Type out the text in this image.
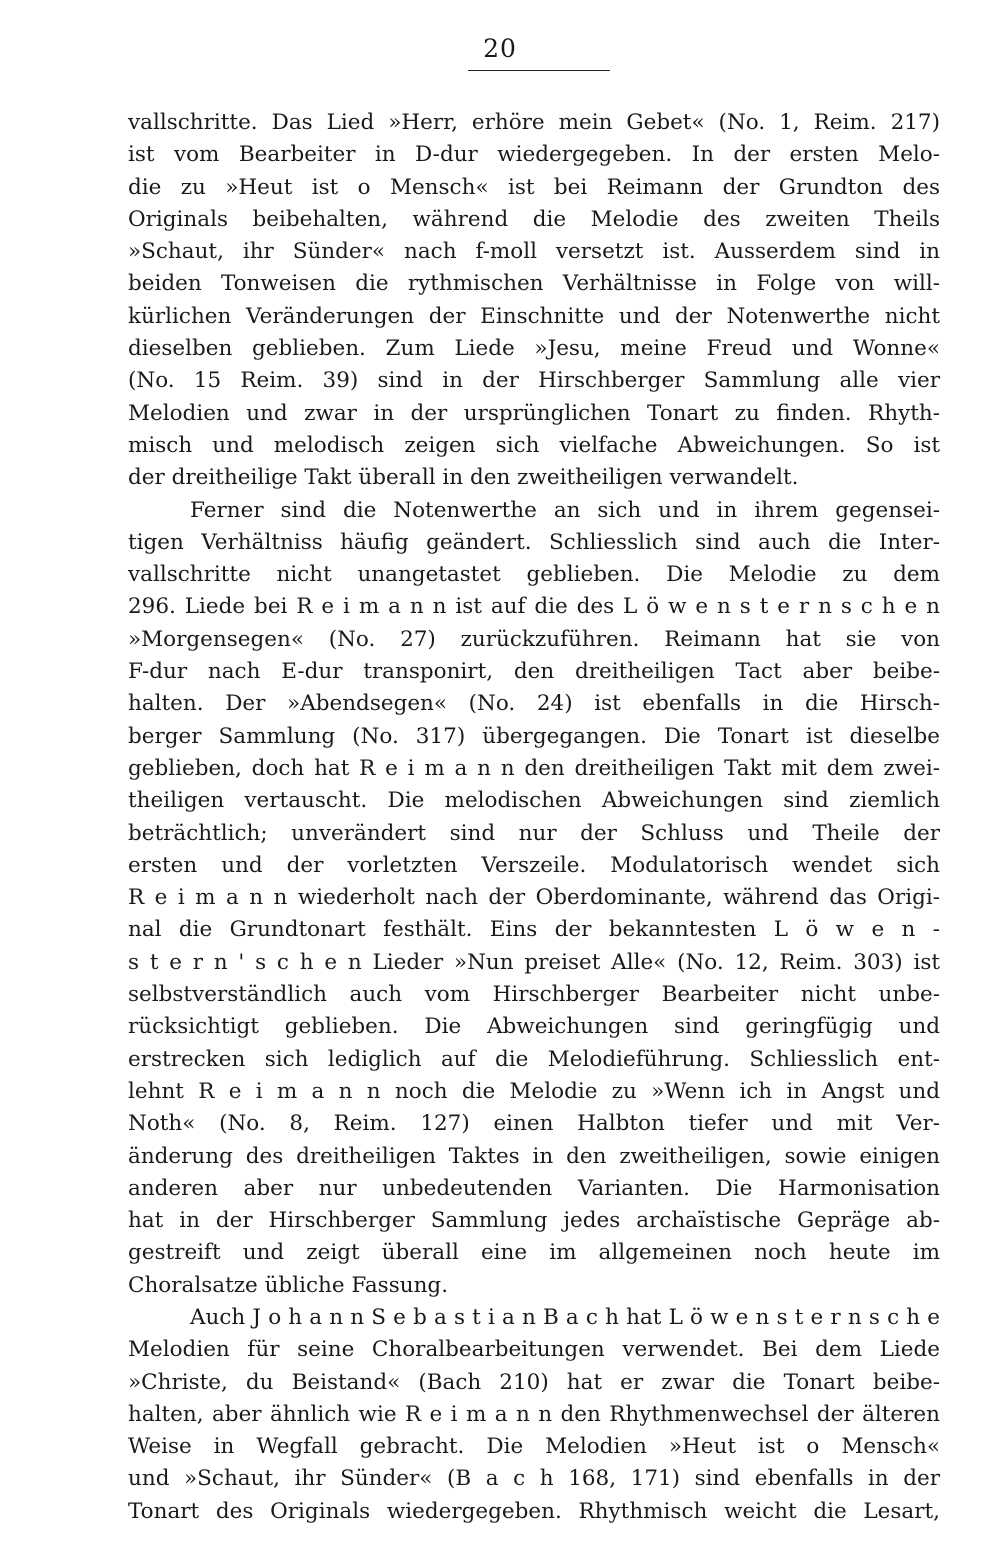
20
vallschritte. Das Lied »Herr, erhöre mein Gebet« (No. 1, Reim. 217)
ist vom Bearbeiter in D-dur wiedergegeben. In der ersten Melo-
die zu »Heut ist o Mensch« ist bei Reimann der Grundton des
Originals beibehalten, während die Melodie des zweiten Theils
»Schaut, ihr Sünder« nach f-moll versetzt ist. Ausserdem sind in
beiden Tonweisen die rythmischen Verhältnisse in Folge von will-
kürlichen Veränderungen der Einschnitte und der Notenwerthe nicht
dieselben geblieben. Zum Liede »Jesu, meine Freud und Wonne«
(No. 15 Reim. 39) sind in der Hirschberger Sammlung alle vier
Melodien und zwar in der ursprünglichen Tonart zu finden. Rhyth-
misch und melodisch zeigen sich vielfache Abweichungen. So ist
der dreitheilige Takt überall in den zweitheiligen verwandelt.
Ferner sind die Notenwerthe an sich und in ihrem gegensei-
tigen Verhältniss häufig geändert. Schliesslich sind auch die Inter-
vallschritte nicht unangetastet geblieben. Die Melodie zu dem
296. Liede bei R e i m a n n ist auf die des L ö w e n s t e r n s c h e n
»Morgensegen« (No. 27) zurückzuführen. Reimann hat sie von
F-dur nach E-dur transponirt, den dreitheiligen Tact aber beibe-
halten. Der »Abendsegen« (No. 24) ist ebenfalls in die Hirsch-
berger Sammlung (No. 317) übergegangen. Die Tonart ist dieselbe
geblieben, doch hat R e i m a n n den dreitheiligen Takt mit dem zwei-
theiligen vertauscht. Die melodischen Abweichungen sind ziemlich
beträchtlich; unverändert sind nur der Schluss und Theile der
ersten und der vorletzten Verszeile. Modulatorisch wendet sich
R e i m a n n wiederholt nach der Oberdominante, während das Origi-
nal die Grundtonart festhält. Eins der bekanntesten L ö w e n -
s t e r n ' s c h e n Lieder »Nun preiset Alle« (No. 12, Reim. 303) ist
selbstverständlich auch vom Hirschberger Bearbeiter nicht unbe-
rücksichtigt geblieben. Die Abweichungen sind geringfügig und
erstrecken sich lediglich auf die Melodieführung. Schliesslich ent-
lehnt R e i m a n n noch die Melodie zu »Wenn ich in Angst und
Noth« (No. 8, Reim. 127) einen Halbton tiefer und mit Ver-
änderung des dreitheiligen Taktes in den zweitheiligen, sowie einigen
anderen aber nur unbedeutenden Varianten. Die Harmonisation
hat in der Hirschberger Sammlung jedes archaïstische Gepräge ab-
gestreift und zeigt überall eine im allgemeinen noch heute im
Choralsatze übliche Fassung.
Auch J o h a n n S e b a s t i a n B a c h hat L ö w e n s t e r n s c h e
Melodien für seine Choralbearbeitungen verwendet. Bei dem Liede
»Christe, du Beistand« (Bach 210) hat er zwar die Tonart beibe-
halten, aber ähnlich wie R e i m a n n den Rhythmenwechsel der älteren
Weise in Wegfall gebracht. Die Melodien »Heut ist o Mensch«
und »Schaut, ihr Sünder« (B a c h 168, 171) sind ebenfalls in der
Tonart des Originals wiedergegeben. Rhythmisch weicht die Lesart,
